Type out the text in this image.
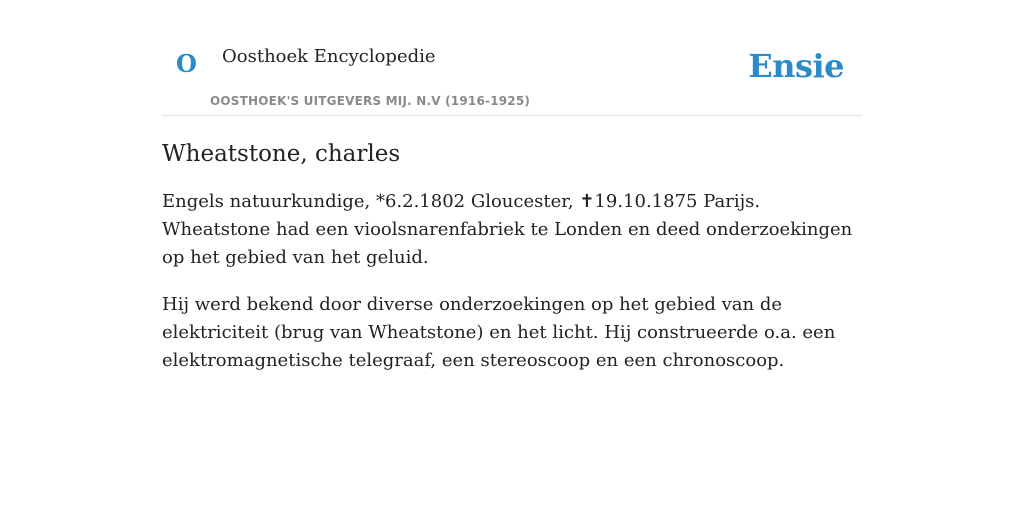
O Oosthoek Encyclopedie
OOSTHOEK'S UITGEVERS MIJ. N.V (1916-1925)
Ensie
Wheatstone, charles

Engels natuurkundige, *6.2.1802 Gloucester, ✝19.10.1875 Parijs. Wheatstone had een vioolsnarenfabriek te Londen en deed onderzoekingen op het gebied van het geluid.

Hij werd bekend door diverse onderzoekingen op het gebied van de elektriciteit (brug van Wheatstone) en het licht. Hij construeerde o.a. een elektromagnetische telegraaf, een stereoscoop en een chronoscoop.
